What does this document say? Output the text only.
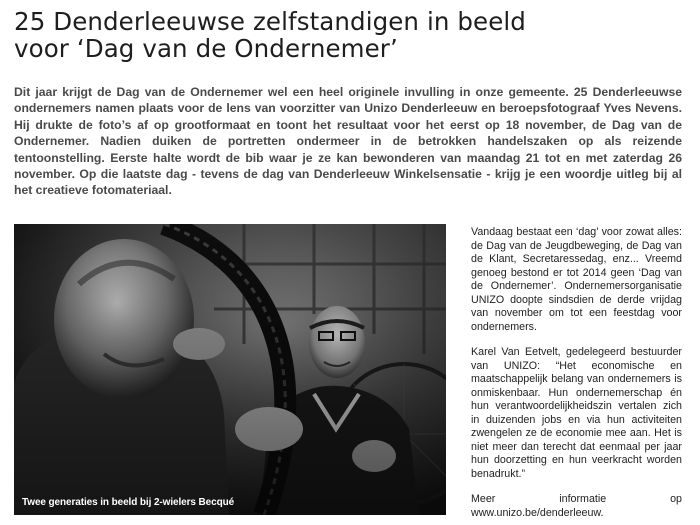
25 Denderleeuwse zelfstandigen in beeld
voor ‘Dag van de Ondernemer’

Dit jaar krijgt de Dag van de Ondernemer wel een heel originele invulling in onze gemeente. 25 Denderleeuwse ondernemers namen plaats voor de lens van voorzitter van Unizo Denderleeuw en beroepsfotograaf Yves Nevens. Hij drukte de foto’s af op grootformaat en toont het resultaat voor het eerst op 18 november, de Dag van de Ondernemer. Nadien duiken de portretten ondermeer in de betrokken handelszaken op als reizende tentoonstelling. Eerste halte wordt de bib waar je ze kan bewonderen van maandag 21 tot en met zaterdag 26 november. Op die laatste dag - tevens de dag van Denderleeuw Winkelsensatie - krijg je een woordje uitleg bij al het creatieve fotomateriaal.

Twee generaties in beeld bij 2-wielers Becqué

Vandaag bestaat een ‘dag’ voor zowat alles: de Dag van de Jeugdbeweging, de Dag van de Klant, Secretaressedag, enz... Vreemd genoeg bestond er tot 2014 geen ‘Dag van de Ondernemer’. Ondernemersorganisatie UNIZO doopte sindsdien de derde vrijdag van november om tot een feestdag voor ondernemers.

Karel Van Eetvelt, gedelegeerd bestuurder van UNIZO: “Het economische en maatschappelijk belang van ondernemers is onmiskenbaar. Hun ondernemerschap én hun verantwoordelijkheidszin vertalen zich in duizenden jobs en via hun activiteiten zwengelen ze de economie mee aan. Het is niet meer dan terecht dat eenmaal per jaar hun doorzetting en hun veerkracht worden benadrukt.”

Meer	informatie	op
www.unizo.be/denderleeuw.
